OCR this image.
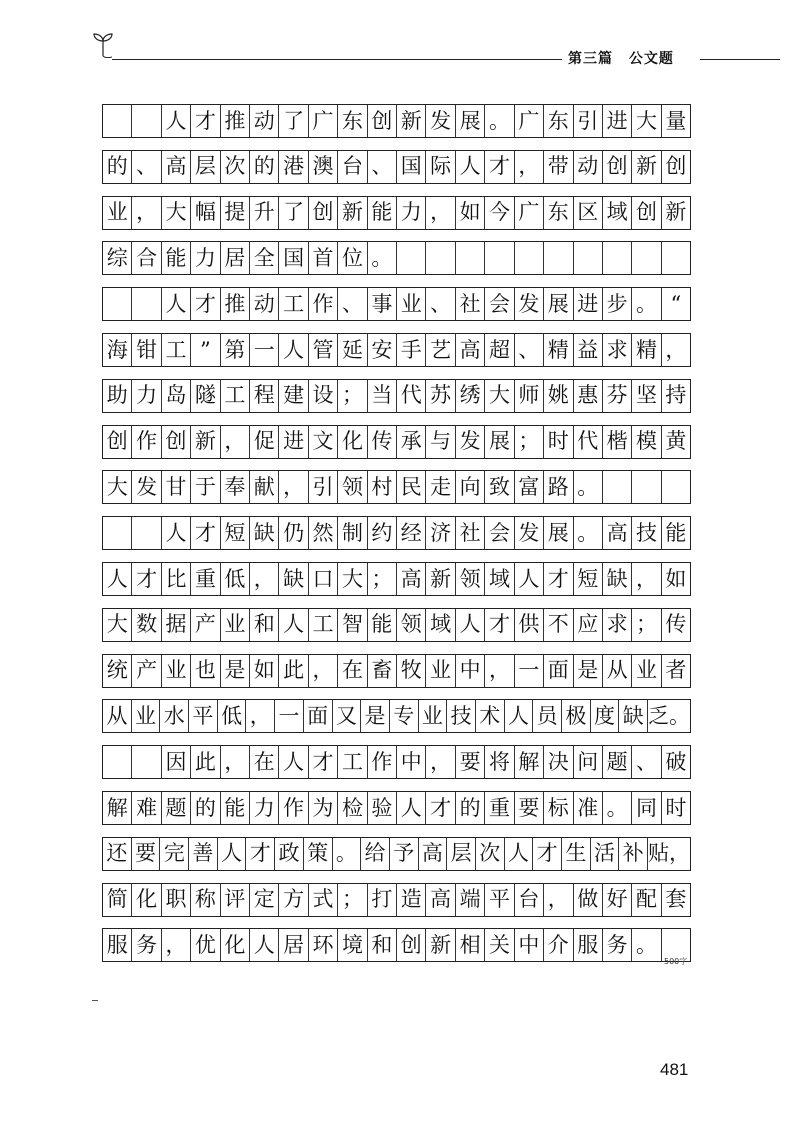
第三篇 公文题
人 才 推 动 了 广 东 创 新 发 展 。 广 东 引 进 大 量
的 、 高 层 次 的 港 澳 台 、 国 际 人 才 ， 带 动 创 新 创
业 ， 大 幅 提 升 了 创 新 能 力 ， 如 今 广 东 区 域 创 新
综 合 能 力 居 全 国 首 位 。
人 才 推 动 工 作 、 事 业 、 社 会 发 展 进 步 。 “
海 钳 工 ” 第 一 人 管 延 安 手 艺 高 超 、 精 益 求 精 ，
助 力 岛 隧 工 程 建 设 ； 当 代 苏 绣 大 师 姚 惠 芬 坚 持
创 作 创 新 ， 促 进 文 化 传 承 与 发 展 ； 时 代 楷 模 黄
大 发 甘 于 奉 献 ， 引 领 村 民 走 向 致 富 路 。
人 才 短 缺 仍 然 制 约 经 济 社 会 发 展 。 高 技 能
人 才 比 重 低 ， 缺 口 大 ； 高 新 领 域 人 才 短 缺 ， 如
大 数 据 产 业 和 人 工 智 能 领 域 人 才 供 不 应 求 ； 传
统 产 业 也 是 如 此 ， 在 畜 牧 业 中 ， 一 面 是 从 业 者
从 业 水 平 低 ， 一 面 又 是 专 业 技 术 人 员 极 度 缺 乏。
因 此 ， 在 人 才 工 作 中 ， 要 将 解 决 问 题 、 破
解 难 题 的 能 力 作 为 检 验 人 才 的 重 要 标 准 。 同 时
还 要 完 善 人 才 政 策 。 给 予 高 层 次 人 才 生 活 补 贴，
简 化 职 称 评 定 方 式 ； 打 造 高 端 平 台 ， 做 好 配 套
服 务 ， 优 化 人 居 环 境 和 创 新 相 关 中 介 服 务 。
500字
481
